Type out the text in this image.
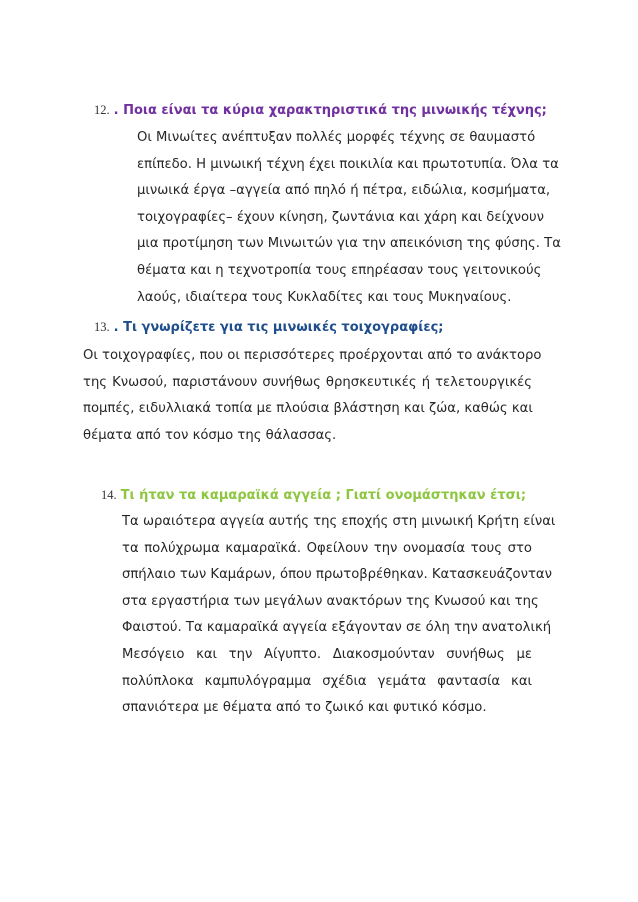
12. . Ποια είναι τα κύρια χαρακτηριστικά της μινωικής τέχνης;
Οι Μινωίτες ανέπτυξαν πολλές μορφές τέχνης σε θαυμαστό
επίπεδο. Η μινωική τέχνη έχει ποικιλία και πρωτοτυπία. Όλα τα
μινωικά έργα –αγγεία από πηλό ή πέτρα, ειδώλια, κοσμήματα,
τοιχογραφίες– έχουν κίνηση, ζωντάνια και χάρη και δείχνουν
μια προτίμηση των Μινωιτών για την απεικόνιση της φύσης. Τα
θέματα και η τεχνοτροπία τους επηρέασαν τους γειτονικούς
λαούς, ιδιαίτερα τους Κυκλαδίτες και τους Μυκηναίους.
13. . Τι γνωρίζετε για τις μινωικές τοιχογραφίες;
Οι τοιχογραφίες, που οι περισσότερες προέρχονται από το ανάκτορο
της Κνωσού, παριστάνουν συνήθως θρησκευτικές ή τελετουργικές
πομπές, ειδυλλιακά τοπία με πλούσια βλάστηση και ζώα, καθώς και
θέματα από τον κόσμο της θάλασσας.
14. Τι ήταν τα καμαραϊκά αγγεία ; Γιατί ονομάστηκαν έτσι;
Τα ωραιότερα αγγεία αυτής της εποχής στη μινωική Κρήτη είναι
τα πολύχρωμα καμαραϊκά. Οφείλουν την ονομασία τους στο
σπήλαιο των Καμάρων, όπου πρωτοβρέθηκαν. Κατασκευάζονταν
στα εργαστήρια των μεγάλων ανακτόρων της Κνωσού και της
Φαιστού. Τα καμαραϊκά αγγεία εξάγονταν σε όλη την ανατολική
Μεσόγειο και την Αίγυπτο. Διακοσμούνταν συνήθως με
πολύπλοκα καμπυλόγραμμα σχέδια γεμάτα φαντασία και
σπανιότερα με θέματα από το ζωικό και φυτικό κόσμο.
